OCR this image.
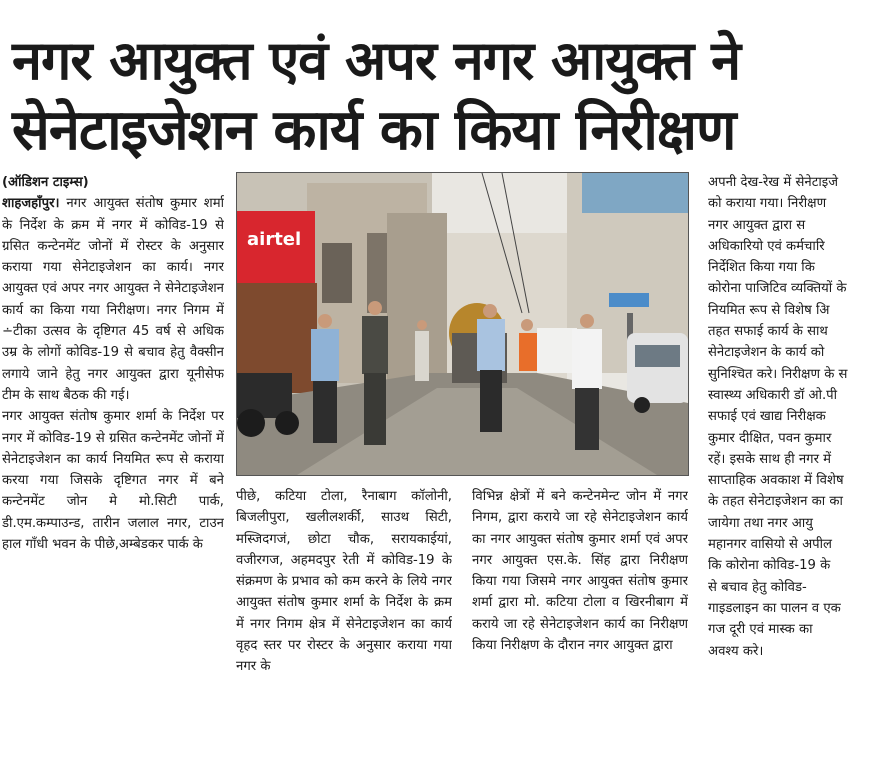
नगर आयुक्त एवं अपर नगर आयुक्त ने
सेनेटाइजेशन कार्य का किया निरीक्षण
(ऑडिशन टाइम्स)

शाहजहाँपुर। नगर आयुक्त संतोष कुमार शर्मा के निर्देश के क्रम में नगर में कोविड-19 से ग्रसित कन्टेनमेंट जोनों में रोस्टर के अनुसार कराया गया सेनेटाइजेशन का कार्य। नगर आयुक्त एवं अपर नगर आयुक्त ने सेनेटाइजेशन कार्य का किया गया निरीक्षण। नगर निगम में ∸टीका उत्सव के दृष्टिगत 45 वर्ष से अधिक उम्र के लोगों कोविड-19 से बचाव हेतु वैक्सीन लगाये जाने हेतु नगर आयुक्त द्वारा यूनीसेफ टीम के साथ बैठक की गई।

नगर आयुक्त संतोष कुमार शर्मा के निर्देश पर नगर में कोविड-19 से ग्रसित कन्टेनमेंट जोनों में सेनेटाइजेशन का कार्य नियमित रूप से कराया करया गया जिसके दृष्टिगत नगर में बने कन्टेनमेंट जोन मे मो.सिटी पार्क, डी.एम.कम्पाउन्ड, तारीन जलाल नगर, टाउन हाल गाँधी भवन के पीछे,अम्बेडकर पार्क के

airtel
पीछे, कटिया टोला, रैनाबाग कॉलोनी, बिजलीपुरा, खलीलशर्की, साउथ सिटी, मस्जिदगजं, छोटा चौक, सरायकाईयां, वजीरगज, अहमदपुर रेती में कोविड-19 के संक्रमण के प्रभाव को कम करने के लिये नगर आयुक्त संतोष कुमार शर्मा के निर्देश के क्रम में नगर निगम क्षेत्र में सेनेटाइजेशन का कार्य वृहद स्तर पर रोस्टर के अनुसार कराया गया नगर के
विभिन्न क्षेत्रों में बने कन्टेनमेन्ट जोन में नगर निगम, द्वारा कराये जा रहे सेनेटाइजेशन कार्य का नगर आयुक्त संतोष कुमार शर्मा एवं अपर नगर आयुक्त एस.के. सिंह द्वारा निरीक्षण किया गया जिसमे नगर आयुक्त संतोष कुमार शर्मा द्वारा मो. कटिया टोला व खिरनीबाग में कराये जा रहे सेनेटाइजेशन कार्य का निरीक्षण किया निरीक्षण के दौरान नगर आयुक्त द्वारा
अपनी देख-रेख में सेनेटाइजे
को कराया गया। निरीक्षण
नगर आयुक्त द्वारा स
अधिकारियो एवं कर्मचारि
निर्देशित किया गया कि
कोरोना पाजिटिव व्यक्तियों के
नियमित रूप से विशेष अि
तहत सफाई कार्य के साथ
सेनेटाइजेशन के कार्य को
सुनिश्चित करे। निरीक्षण के स
स्वास्थ्य अधिकारी डॉ ओ.पी
सफाई एवं खाद्य निरीक्षक
कुमार दीक्षित, पवन कुमार
रहें। इसके साथ ही नगर में
साप्ताहिक अवकाश में विशेष
के तहत सेनेटाइजेशन का का
जायेगा तथा नगर आयु
महानगर वासियो से अपील
कि कोरोना कोविड-19 के
से बचाव हेतु कोविड-
गाइडलाइन का पालन व एक
गज दूरी एवं मास्क का
अवश्य करे।
